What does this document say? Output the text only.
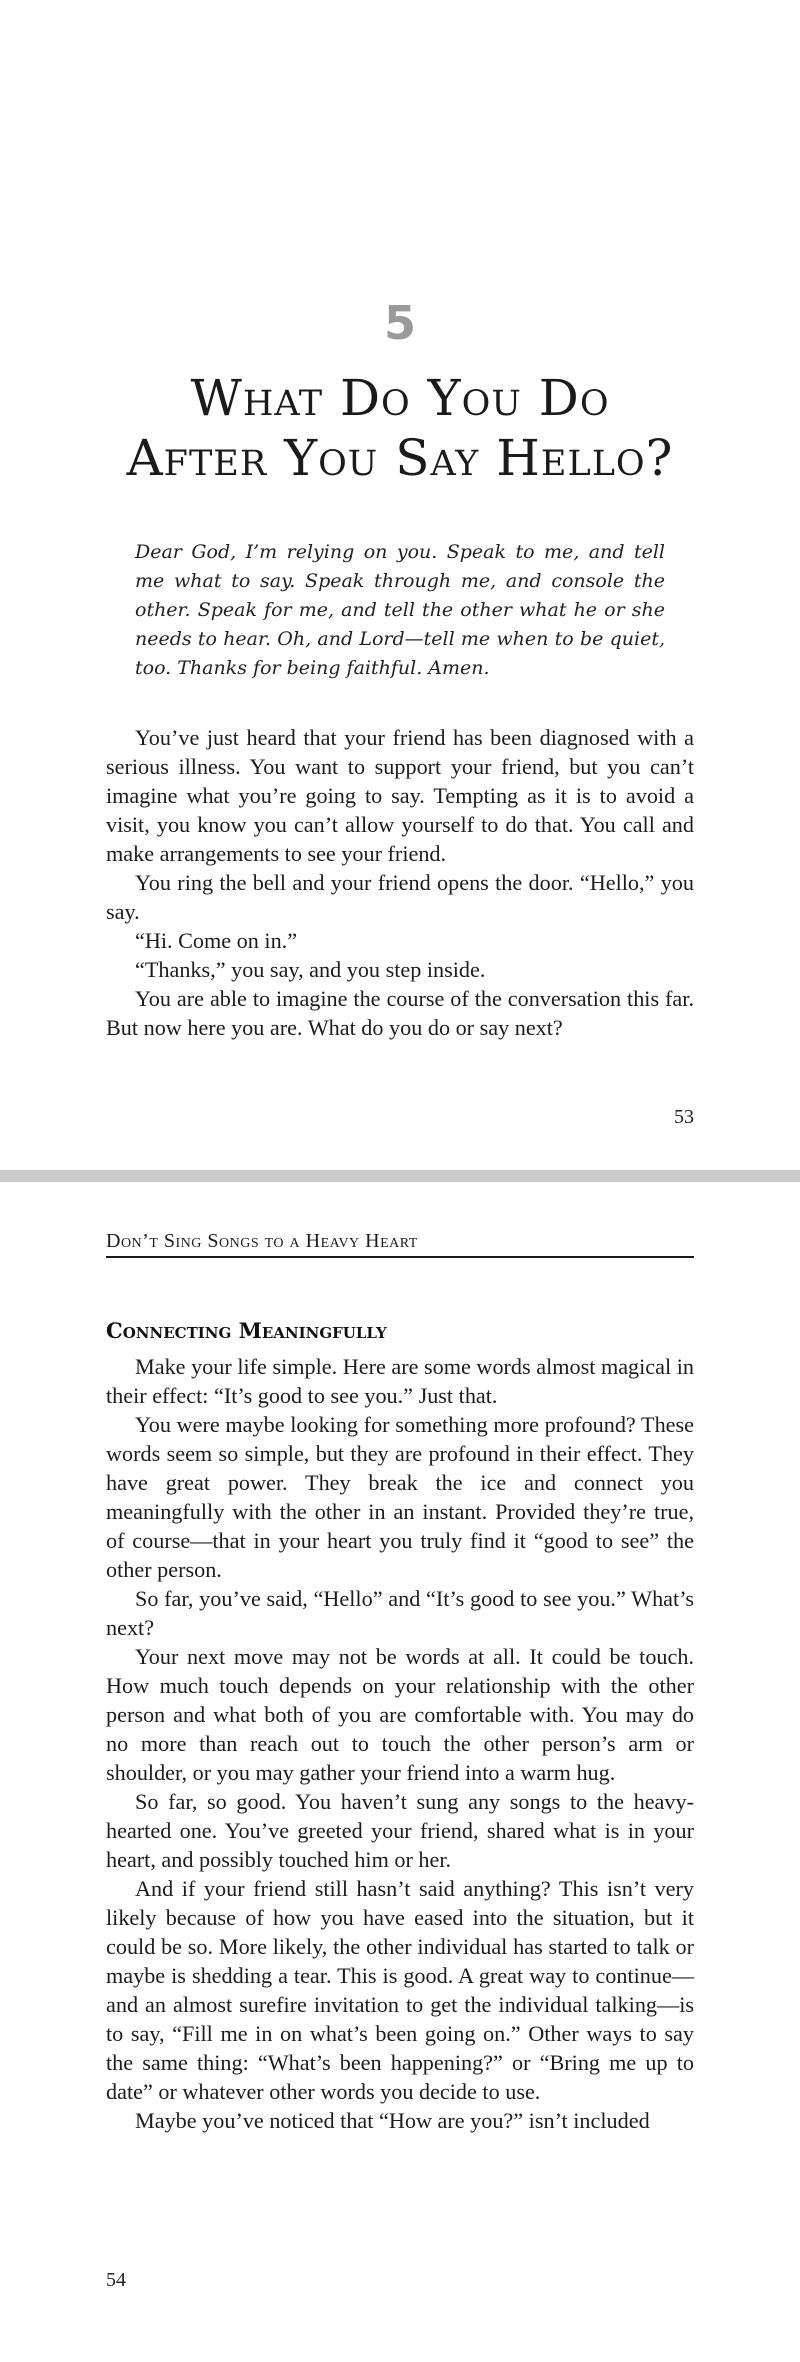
5
What Do You Do
After You Say Hello?
Dear God, I’m relying on you. Speak to me, and tell me what to say. Speak through me, and console the other. Speak for me, and tell the other what he or she needs to hear. Oh, and Lord—tell me when to be quiet, too. Thanks for being faithful. Amen.

You’ve just heard that your friend has been diagnosed with a serious illness. You want to support your friend, but you can’t imagine what you’re going to say. Tempting as it is to avoid a visit, you know you can’t allow yourself to do that. You call and make arrangements to see your friend.

You ring the bell and your friend opens the door. “Hello,” you say.

“Hi. Come on in.”

“Thanks,” you say, and you step inside.

You are able to imagine the course of the conversation this far. But now here you are. What do you do or say next?

53
Don’t Sing Songs to a Heavy Heart
Connecting Meaningfully

Make your life simple. Here are some words almost magical in their effect: “It’s good to see you.” Just that.

You were maybe looking for something more profound? These words seem so simple, but they are profound in their effect. They have great power. They break the ice and connect you meaningfully with the other in an instant. Provided they’re true, of course—that in your heart you truly find it “good to see” the other person.

So far, you’ve said, “Hello” and “It’s good to see you.” What’s next?

Your next move may not be words at all. It could be touch. How much touch depends on your relationship with the other person and what both of you are comfortable with. You may do no more than reach out to touch the other person’s arm or shoulder, or you may gather your friend into a warm hug.

So far, so good. You haven’t sung any songs to the heavy-hearted one. You’ve greeted your friend, shared what is in your heart, and possibly touched him or her.

And if your friend still hasn’t said anything? This isn’t very likely because of how you have eased into the situation, but it could be so. More likely, the other individual has started to talk or maybe is shedding a tear. This is good. A great way to continue—and an almost surefire invitation to get the individual talking—is to say, “Fill me in on what’s been going on.” Other ways to say the same thing: “What’s been happening?” or “Bring me up to date” or whatever other words you decide to use.

Maybe you’ve noticed that “How are you?” isn’t included

54
